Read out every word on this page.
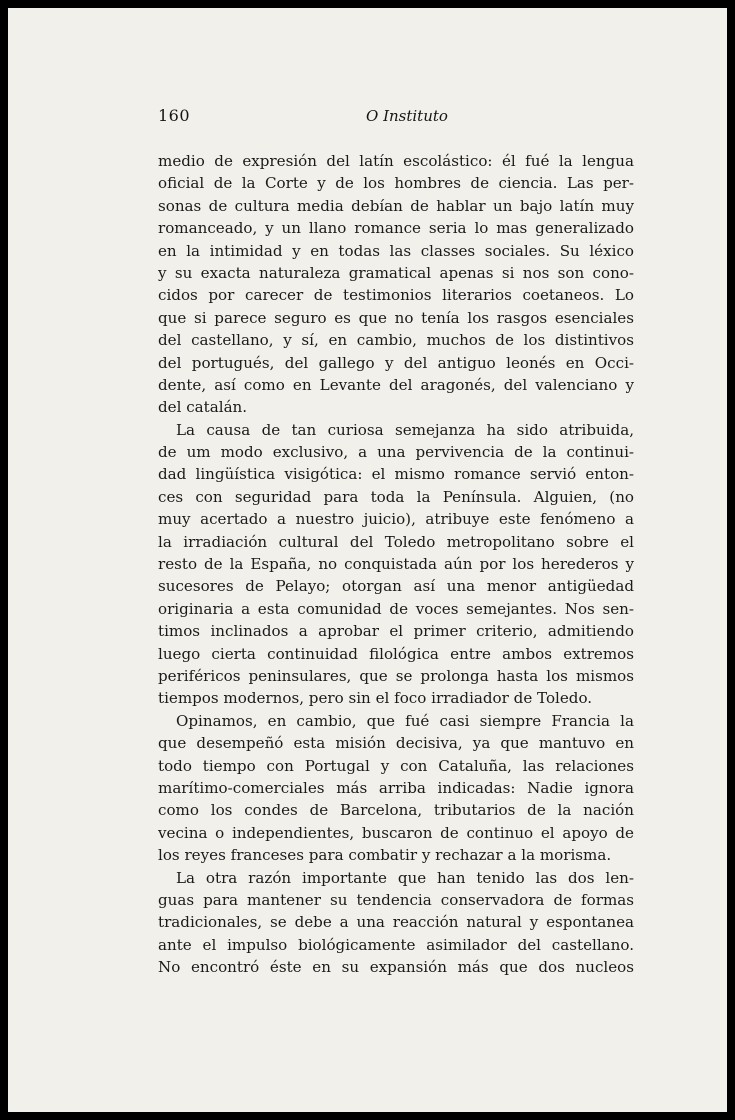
160	O Instituto
medio de expresión del latín escolástico: él fué la lengua
oficial de la Corte y de los hombres de ciencia. Las per-
sonas de cultura media debían de hablar un bajo latín muy
romanceado, y un llano romance seria lo mas generalizado
en la intimidad y en todas las classes sociales. Su léxico
y su exacta naturaleza gramatical apenas si nos son cono-
cidos por carecer de testimonios literarios coetaneos. Lo
que si parece seguro es que no tenía los rasgos esenciales
del castellano, y sí, en cambio, muchos de los distintivos
del portugués, del gallego y del antiguo leonés en Occi-
dente, así como en Levante del aragonés, del valenciano y
del catalán.
La causa de tan curiosa semejanza ha sido atribuida,
de um modo exclusivo, a una pervivencia de la continui-
dad lingüística visigótica: el mismo romance servió enton-
ces con seguridad para toda la Península. Alguien, (no
muy acertado a nuestro juicio), atribuye este fenómeno a
la irradiación cultural del Toledo metropolitano sobre el
resto de la España, no conquistada aún por los herederos y
sucesores de Pelayo; otorgan así una menor antigüedad
originaria a esta comunidad de voces semejantes. Nos sen-
timos inclinados a aprobar el primer criterio, admitiendo
luego cierta continuidad filológica entre ambos extremos
periféricos peninsulares, que se prolonga hasta los mismos
tiempos modernos, pero sin el foco irradiador de Toledo.
Opinamos, en cambio, que fué casi siempre Francia la
que desempeñó esta misión decisiva, ya que mantuvo en
todo tiempo con Portugal y con Cataluña, las relaciones
marítimo-comerciales más arriba indicadas: Nadie ignora
como los condes de Barcelona, tributarios de la nación
vecina o independientes, buscaron de continuo el apoyo de
los reyes franceses para combatir y rechazar a la morisma.
La otra razón importante que han tenido las dos len-
guas para mantener su tendencia conservadora de formas
tradicionales, se debe a una reacción natural y espontanea
ante el impulso biológicamente asimilador del castellano.
No encontró éste en su expansión más que dos nucleos
